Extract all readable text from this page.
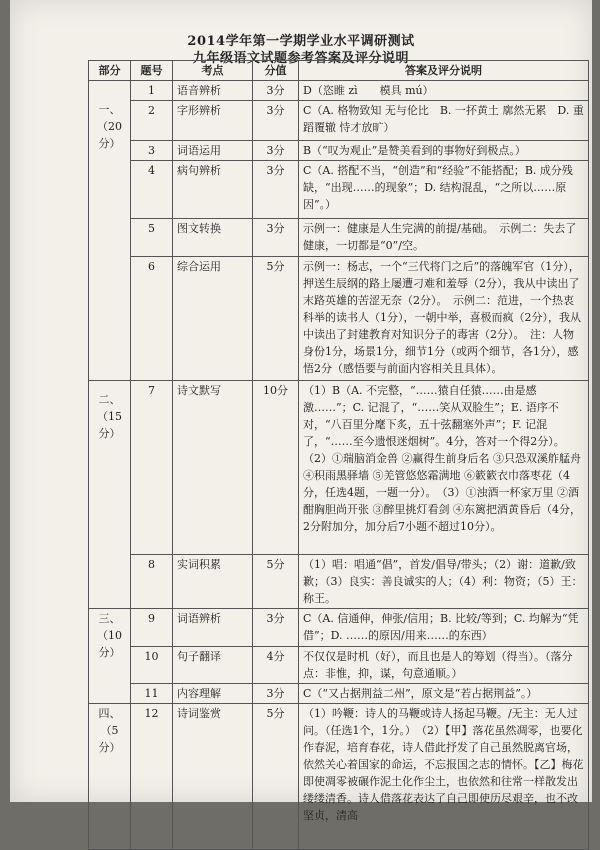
2014学年第一学期学业水平调研测试
九年级语文试题参考答案及评分说明
部分	题号	考点	分值	答案及评分说明
一、（20分）	1	语音辨析	3分	D（恣睢 zì　　模具 mú）
	2	字形辨析	3分	C（A. 格物致知 无与伦比　B. 一抔黄土 廓然无累　D. 重蹈覆辙 恃才放旷）
	3	词语运用	3分	B（“叹为观止”是赞美看到的事物好到极点。）
	4	病句辨析	3分	C（A. 搭配不当，“创造”和“经验”不能搭配；B. 成分残缺，“出现……的现象”；D. 结构混乱，“之所以……原因”。）
	5	图文转换	3分	示例一：健康是人生完满的前提/基础。　示例二：失去了健康，一切都是“0”/空。
	6	综合运用	5分	示例一：杨志，一个“三代将门之后”的落魄军官（1分），押送生辰纲的路上屡遭刁难和羞辱（2分），我从中读出了末路英雄的苦涩无奈（2分）。　示例二：范进，一个热衷科举的读书人（1分），一朝中举，喜极而疯（2分），我从中读出了封建教育对知识分子的毒害（2分）。　注：人物身份1分，场景1分，细节1分（或两个细节，各1分），感悟2分（感悟要与前面内容相关且具体）。
二、（15分）	7	诗文默写	10分	（1）B（A. 不完整，“……猿自任猿……由是感激……”；C. 记混了，“……笑从双脸生”；E. 语序不对，“八百里分麾下炙，五十弦翻塞外声”；F. 记混了，“……至今遗恨迷烟树”。4分，答对一个得2分）。　（2）①瑞脑消金兽 ②赢得生前身后名 ③只恐双溪舴艋舟 ④积雨黑驿墙 ⑤羌管悠悠霜满地 ⑥簌簌衣巾落枣花（4分，任选4题，一题一分）。　（3）①浊酒一杯家万里 ②酒酣胸胆尚开张 ③醉里挑灯看剑 ④东篱把酒黄昏后（4分，2分附加分，加分后7小题不超过10分）。
	8	实词积累	5分	（1）唱：唱通“倡”，首发/倡导/带头；（2）谢：道歉/致歉；（3）良实：善良诚实的人；（4）利：物资；（5）王：称王。
三、（10分）	9	词语辨析	3分	C（A. 信通伸，伸张/信用；B. 比较/等到；C. 均解为“凭借”；D. ……的原因/用来……的东西）
	10	句子翻译	4分	不仅仅是时机（好），而且也是人的筹划（得当）。（落分点：非惟，抑，谋，句意通顺。）
	11	内容理解	3分	C（“又占据荆益二州”，原文是“若占据荆益”。）
四、（5分）	12	诗词鉴赏	5分	（1）吟鞭：诗人的马鞭或诗人扬起马鞭。/无主：无人过问。（任选1个，1分。）　（2）【甲】落花虽然凋零，也要化作春泥，培育春花，诗人借此抒发了自己虽然脱离官场，依然关心着国家的命运，不忘报国之志的情怀。【乙】梅花即使凋零被碾作泥土化作尘土，也依然和往常一样散发出缕缕清香。诗人借落花表达了自己即使历尽艰辛，也不改坚贞，清高
